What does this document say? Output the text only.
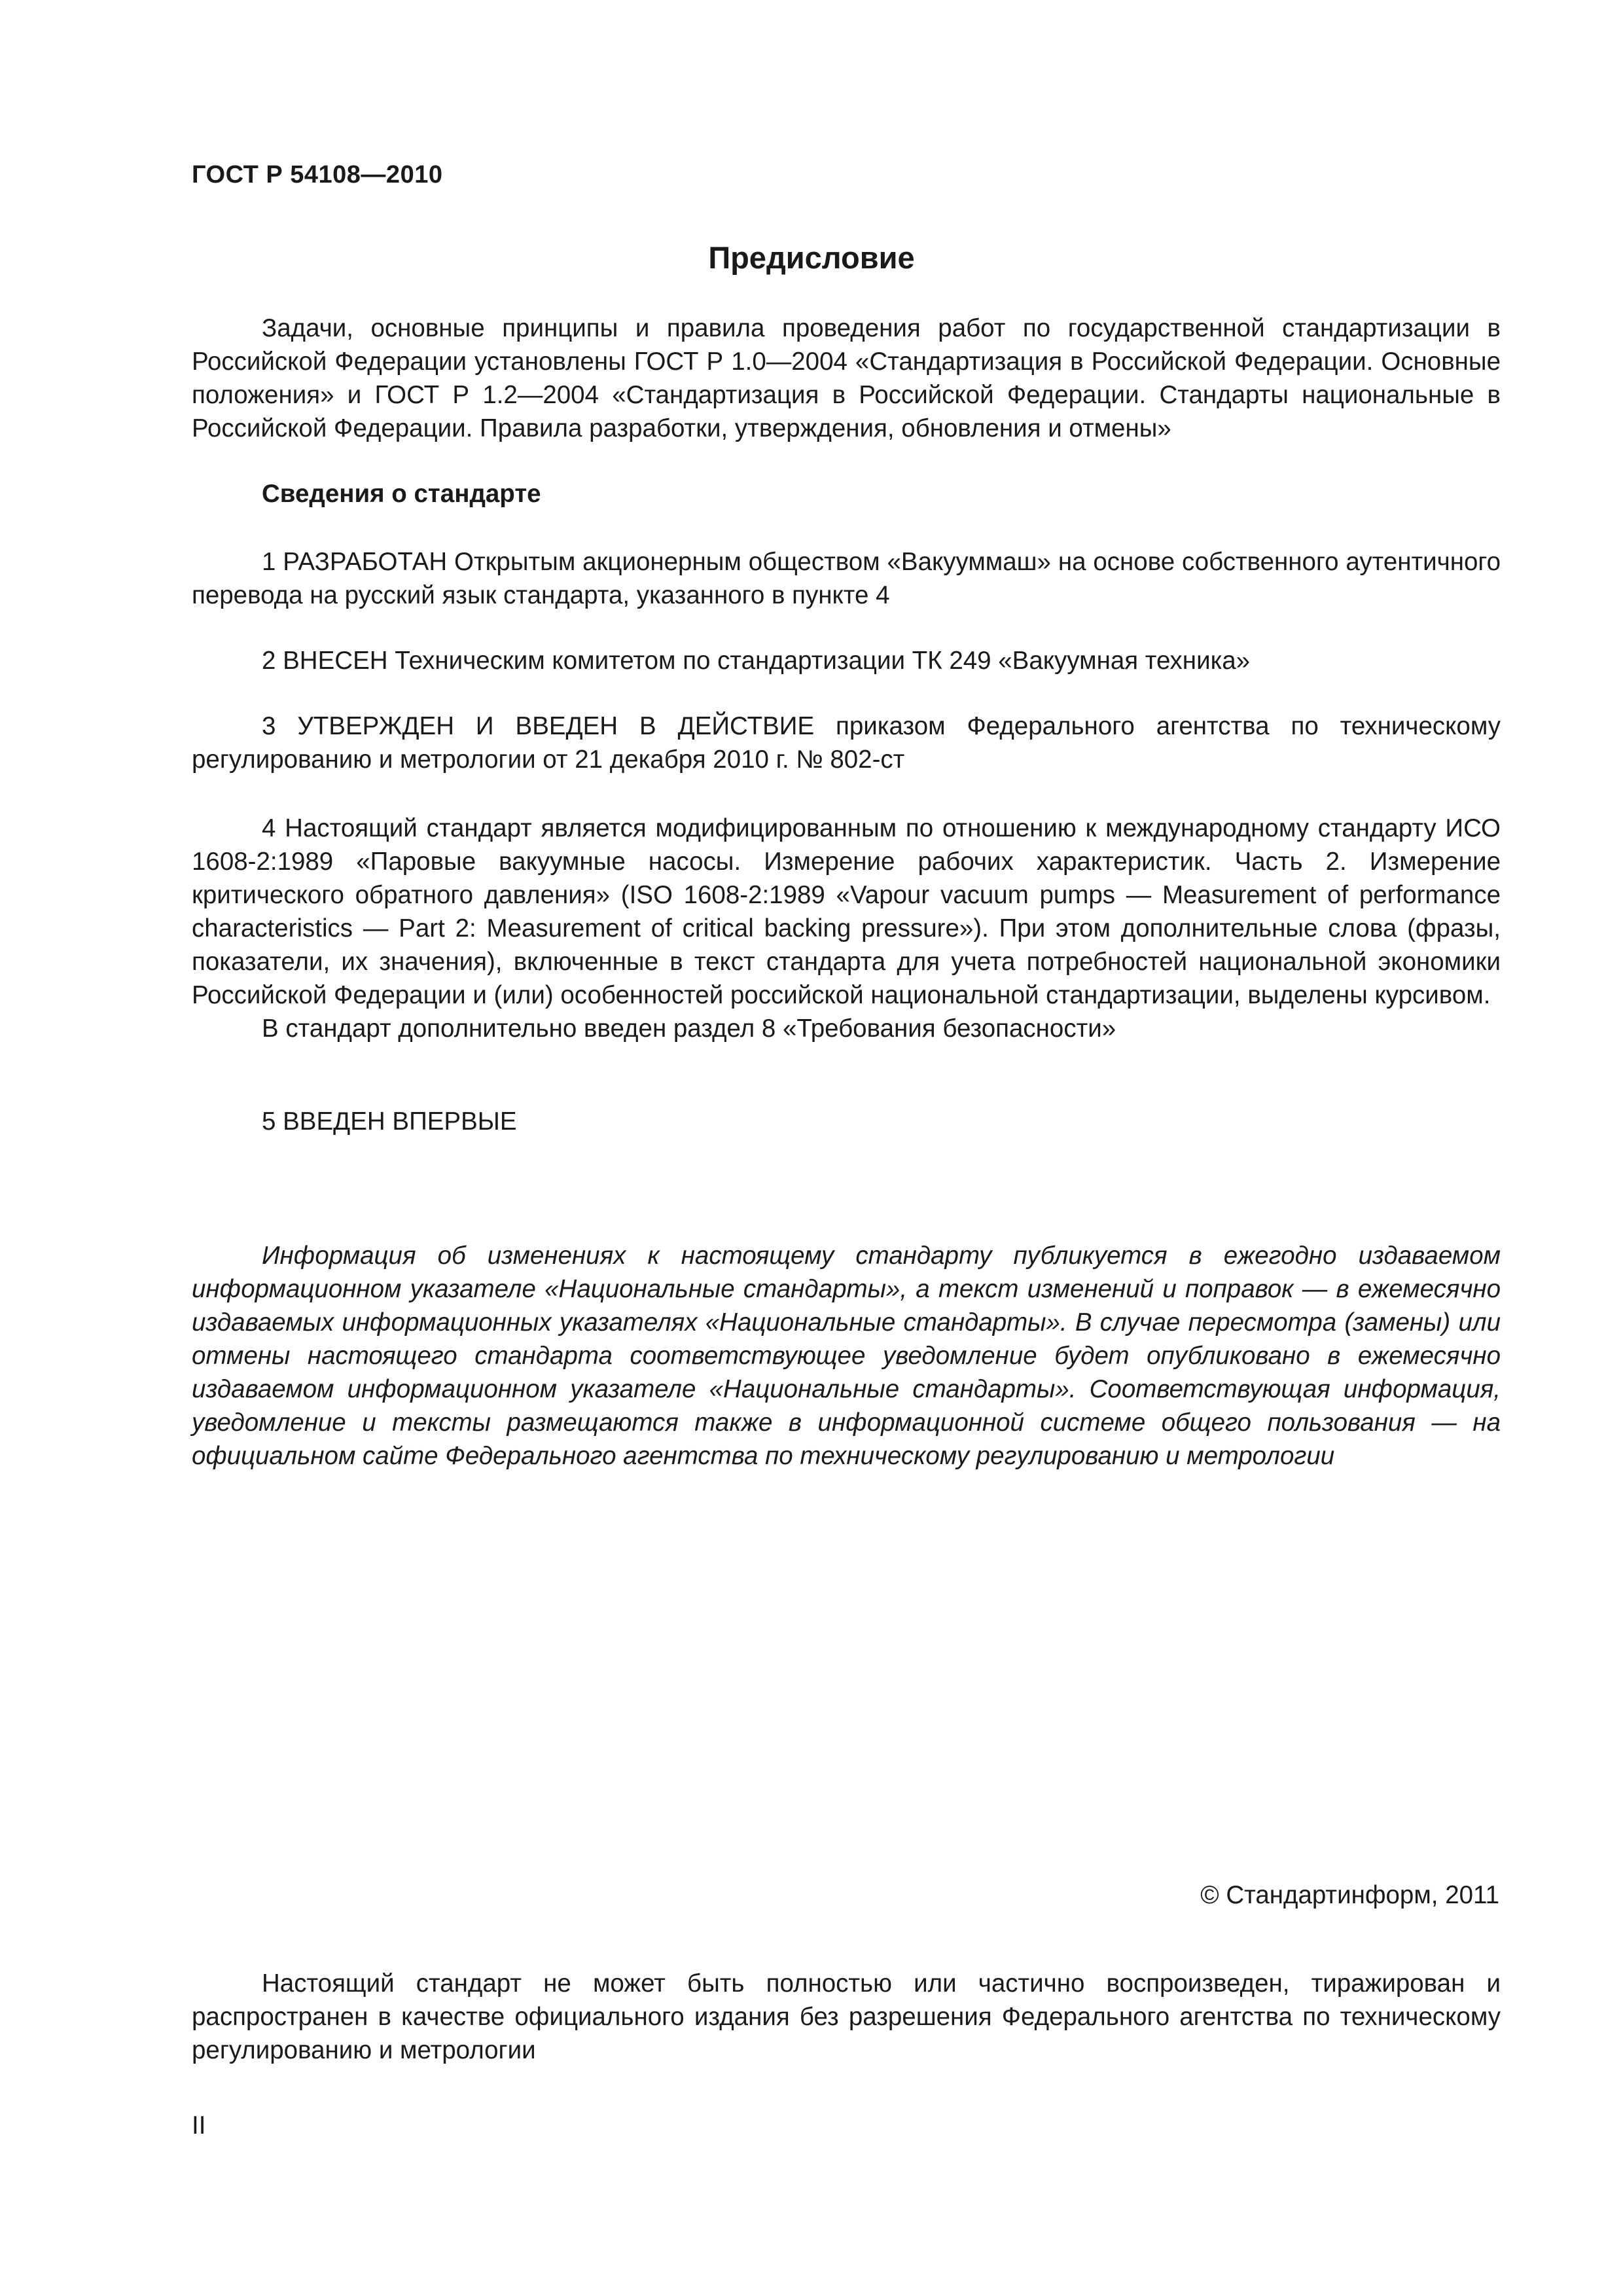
ГОСТ Р 54108—2010
Предисловие

Задачи, основные принципы и правила проведения работ по государственной стандартизации в Российской Федерации установлены ГОСТ Р 1.0—2004 «Стандартизация в Российской Федерации. Основные положения» и ГОСТ Р 1.2—2004 «Стандартизация в Российской Федерации. Стандарты национальные в Российской Федерации. Правила разработки, утверждения, обновления и отмены»

Сведения о стандарте

1 РАЗРАБОТАН Открытым акционерным обществом «Вакууммаш» на основе собственного аутентичного перевода на русский язык стандарта, указанного в пункте 4

2 ВНЕСЕН Техническим комитетом по стандартизации ТК 249 «Вакуумная техника»

3 УТВЕРЖДЕН И ВВЕДЕН В ДЕЙСТВИЕ приказом Федерального агентства по техническому регулированию и метрологии от 21 декабря 2010 г. № 802-ст

4 Настоящий стандарт является модифицированным по отношению к международному стандарту ИСО 1608-2:1989 «Паровые вакуумные насосы. Измерение рабочих характеристик. Часть 2. Измерение критического обратного давления» (ISO 1608-2:1989 «Vapour vacuum pumps — Measurement of performance characteristics — Part 2: Measurement of critical backing pressure»). При этом дополнительные слова (фразы, показатели, их значения), включенные в текст стандарта для учета потребностей национальной экономики Российской Федерации и (или) особенностей российской национальной стандартизации, выделены курсивом.

В стандарт дополнительно введен раздел 8 «Требования безопасности»

5 ВВЕДЕН ВПЕРВЫЕ

Информация об изменениях к настоящему стандарту публикуется в ежегодно издаваемом информационном указателе «Национальные стандарты», а текст изменений и поправок — в ежемесячно издаваемых информационных указателях «Национальные стандарты». В случае пересмотра (замены) или отмены настоящего стандарта соответствующее уведомление будет опубликовано в ежемесячно издаваемом информационном указателе «Национальные стандарты». Соответствующая информация, уведомление и тексты размещаются также в информационной системе общего пользования — на официальном сайте Федерального агентства по техническому регулированию и метрологии

© Стандартинформ, 2011

Настоящий стандарт не может быть полностью или частично воспроизведен, тиражирован и распространен в качестве официального издания без разрешения Федерального агентства по техническому регулированию и метрологии

II
